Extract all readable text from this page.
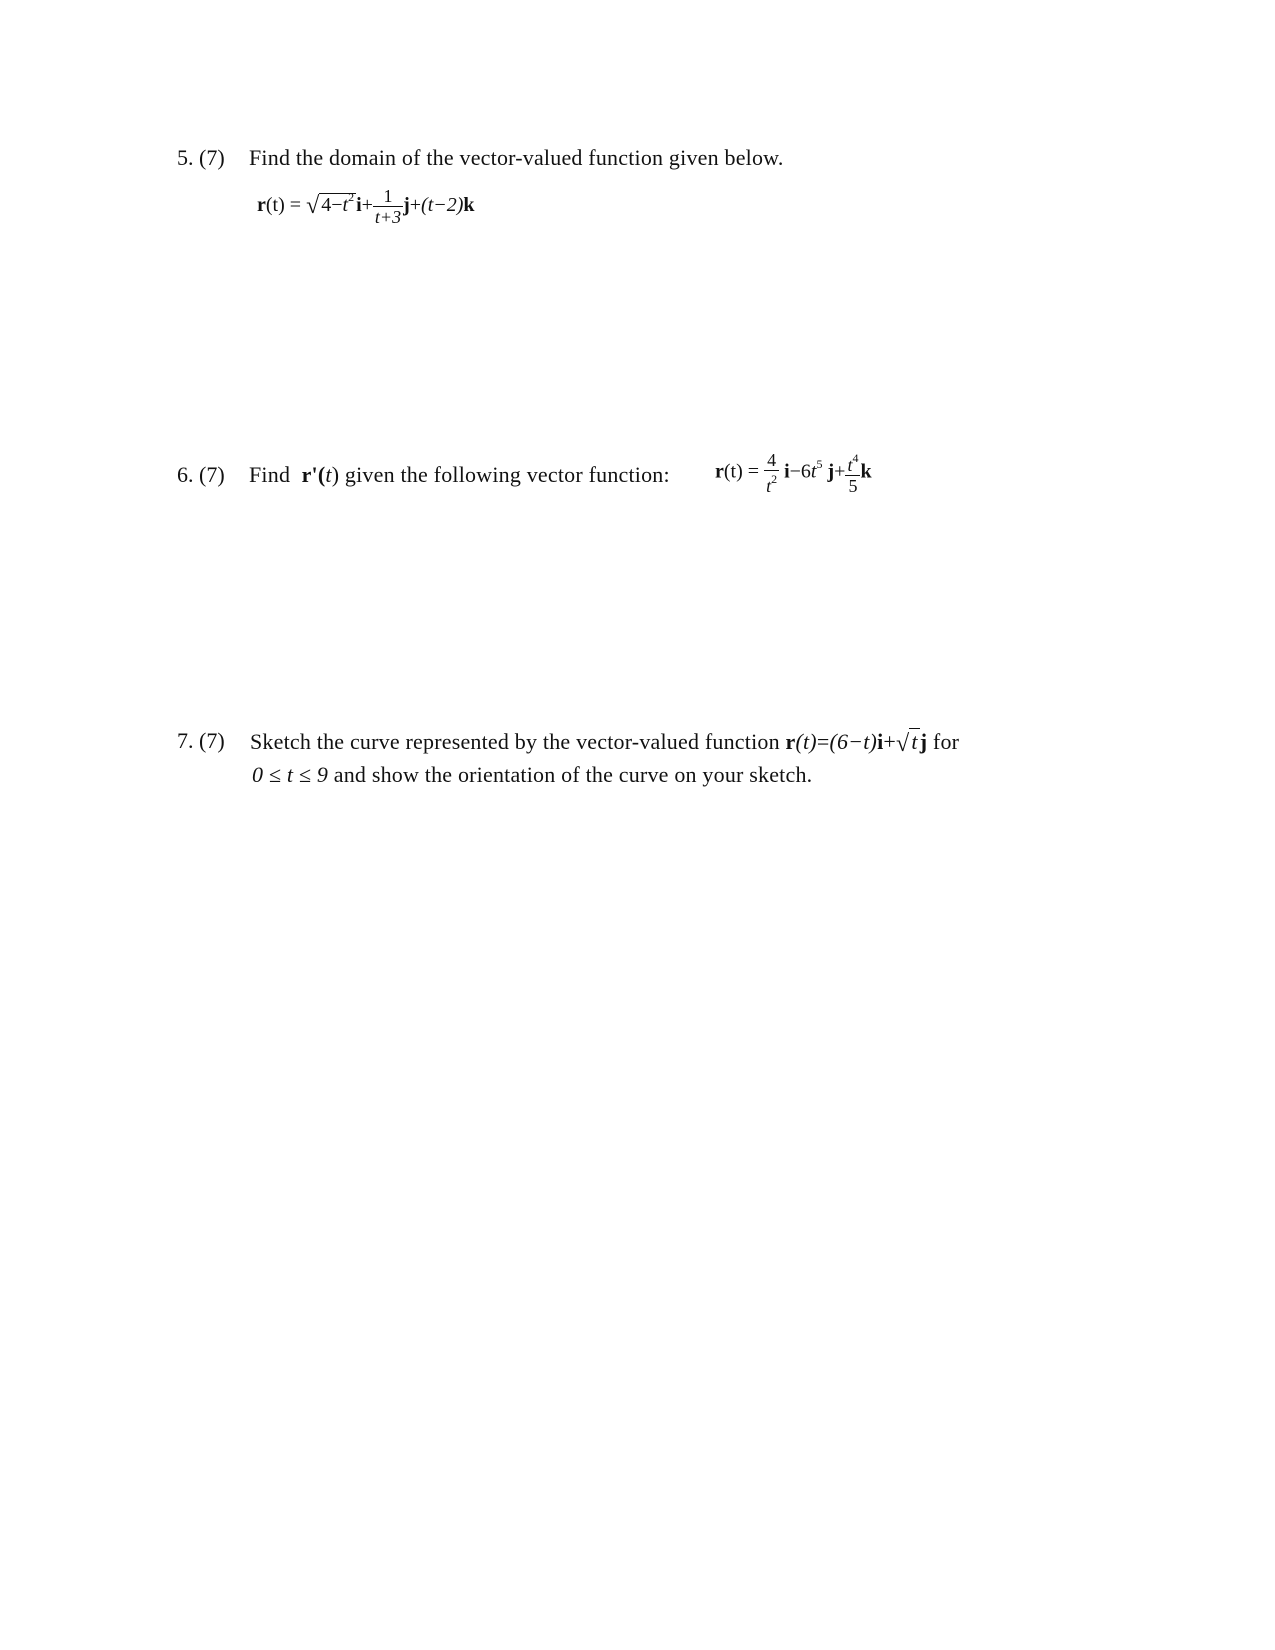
5. (7) Find the domain of the vector-valued function given below.
r(t) = √ $4-t^2$ $i+ \frac{1}{t+3} j+(t-2)k$
6. (7) Find r'(t) given the following vector function: $r(t) = \frac{4}{t^2} i-6t^5$ $j+ \frac{t^4}{5}$ k
7. (7) Sketch the curve represented by the vector-valued function r(t)=(6−t)i+√tj for
0 ≤ t ≤ 9 and show the orientation of the curve on your sketch.
